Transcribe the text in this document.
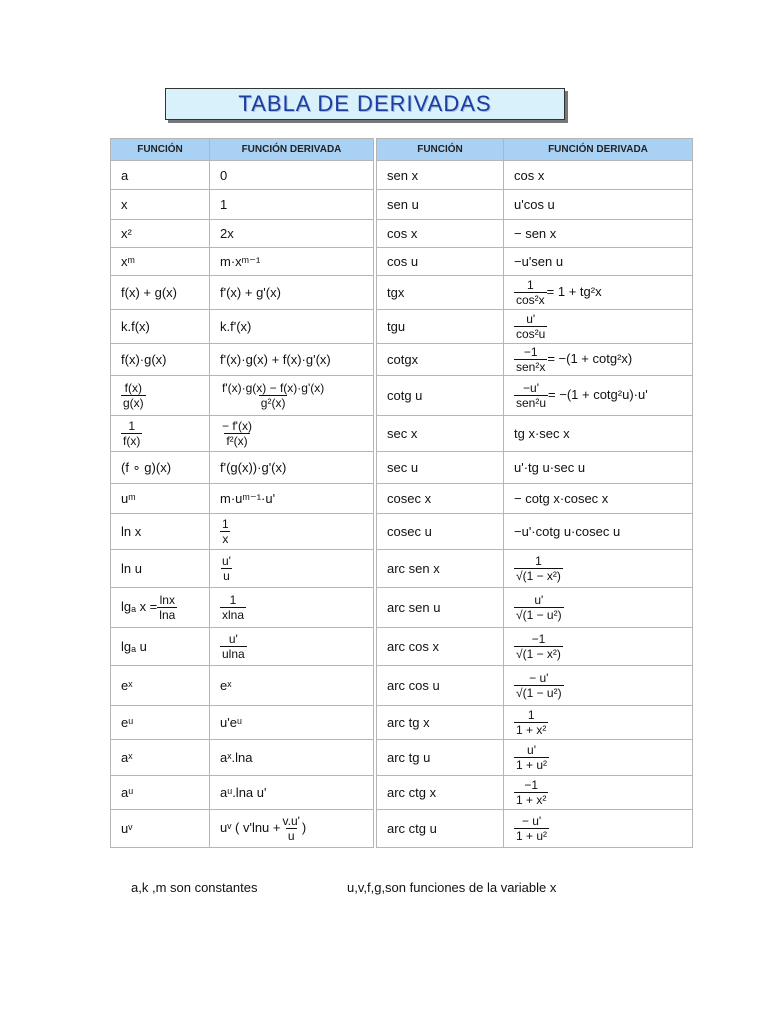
TABLA DE DERIVADAS
FUNCIÓN	FUNCIÓN DERIVADA
a	0
x	1
x²	2x
xᵐ	m·xᵐ⁻¹
f(x) + g(x)	f'(x) + g'(x)
k.f(x)	k.f'(x)
f(x)·g(x)	f'(x)·g(x) + f(x)·g'(x)

$\frac{f(x)}{g(x)}$	$\frac{f'(x)\cdot g(x) - f(x)\cdot g'(x)}{\text{g²(x)}}$

$\frac{1}{f(x)}$	$\frac{- f'(x)}{\text{f²(x)}}$

(f ∘ g)(x)	f'(g(x))·g'(x)
uᵐ	m·uᵐ⁻¹·u'
ln x	$\frac{1}{x}$

ln u	$\frac{u'}{u}$

lgₐ $x = \frac{\ln x}{\ln a}$	$\frac{1}{xlna}$

lgₐ u	$\frac{u'}{ulna}$

eˣ	eˣ
eᵘ	u'eᵘ
aˣ	aˣ.lna
aᵘ	aᵘ.lna u'
uᵛ	uᵛ ( $v'\ln u + \frac{v.u'}{u}$ )
FUNCIÓN	FUNCIÓN DERIVADA
sen x	cos x
sen u	u'cos u
cos x	− sen x
cos u	−u'sen u
tgx	$\frac{1}{\text{cos²x}} = 1 + tg^2x$
tgu	$\frac{u'}{\text{cos²u}}$

cotgx	$\frac{-1}{\text{sen²x}} = -(1 + \cot g^2x)$
cotg u	$\frac{-u'}{\text{sen²u}} = -(1 + \cot g^2u)\cdot u'$
sec x	tg x·sec x
sec u	u'·tg u·sec u
cosec x	− cotg x·cosec x
cosec u	−u'·cotg u·cosec u
arc sen x	$\frac{1}{\text{√(1 − x²)}}$

arc sen u	$\frac{u'}{\text{√(1 − u²)}}$

arc cos x	$\frac{-1}{\text{√(1 − x²)}}$

arc cos u	$\frac{- u'}{\text{√(1 − u²)}}$

arc tg x	$\frac{1}{\text{1 + x²}}$

arc tg u	$\frac{u'}{\text{1 + u²}}$

arc ctg x	$\frac{-1}{\text{1 + x²}}$

arc ctg u	$\frac{- u'}{\text{1 + u²}}$
a,k ,m son constantes	u,v,f,g,son funciones de la variable x
